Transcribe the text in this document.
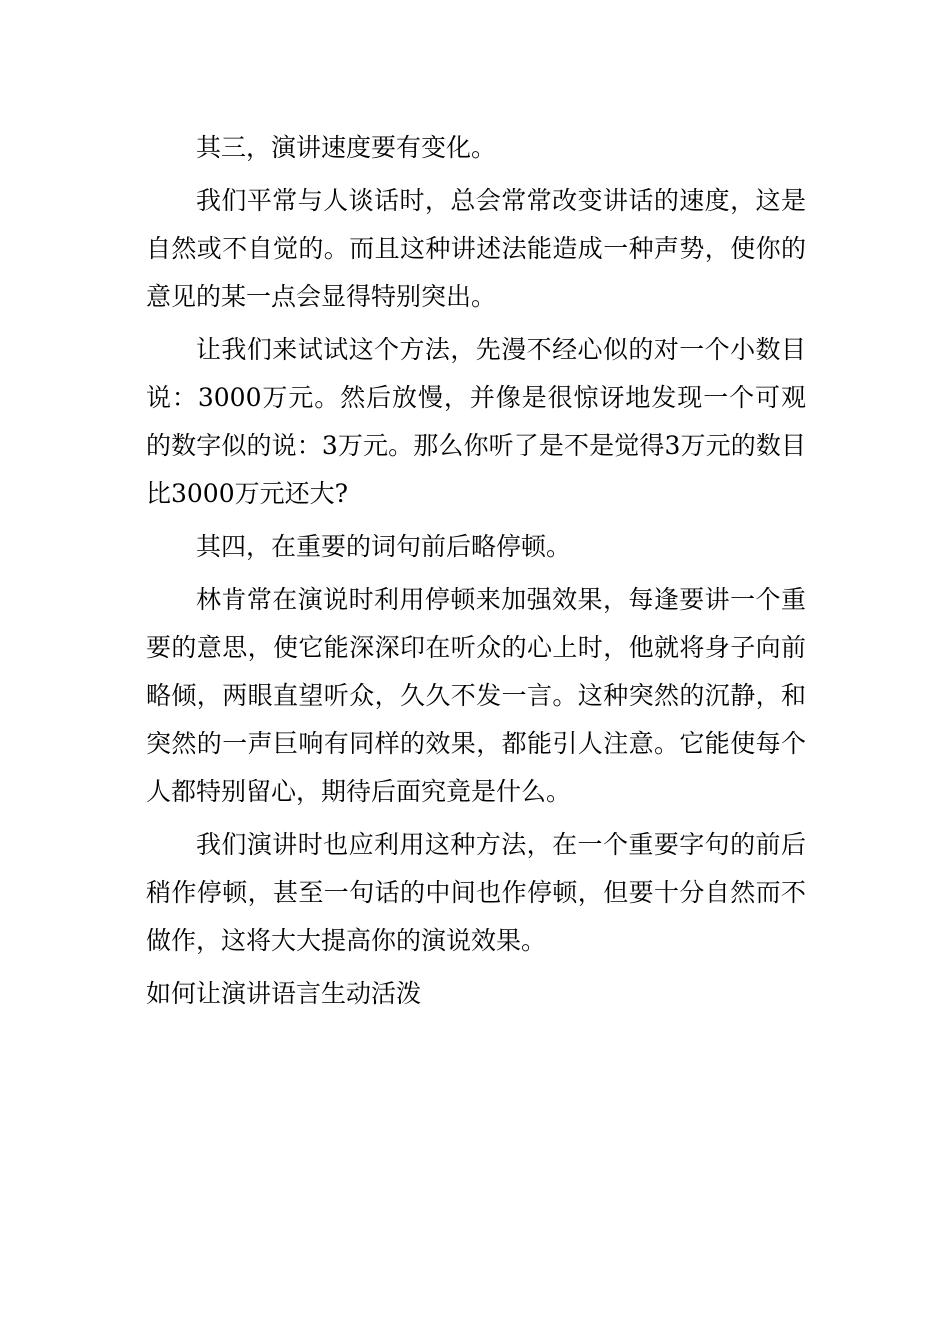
其三，演讲速度要有变化。

我们平常与人谈话时，总会常常改变讲话的速度，这是自然或不自觉的。而且这种讲述法能造成一种声势，使你的意见的某一点会显得特别突出。

让我们来试试这个方法，先漫不经心似的对一个小数目说：3000万元。然后放慢，并像是很惊讶地发现一个可观的数字似的说：3万元。那么你听了是不是觉得3万元的数目比3000万元还大?

其四，在重要的词句前后略停顿。

林肯常在演说时利用停顿来加强效果，每逢要讲一个重要的意思，使它能深深印在听众的心上时，他就将身子向前略倾，两眼直望听众，久久不发一言。这种突然的沉静，和突然的一声巨响有同样的效果，都能引人注意。它能使每个人都特别留心，期待后面究竟是什么。

我们演讲时也应利用这种方法，在一个重要字句的前后稍作停顿，甚至一句话的中间也作停顿，但要十分自然而不做作，这将大大提高你的演说效果。

如何让演讲语言生动活泼
